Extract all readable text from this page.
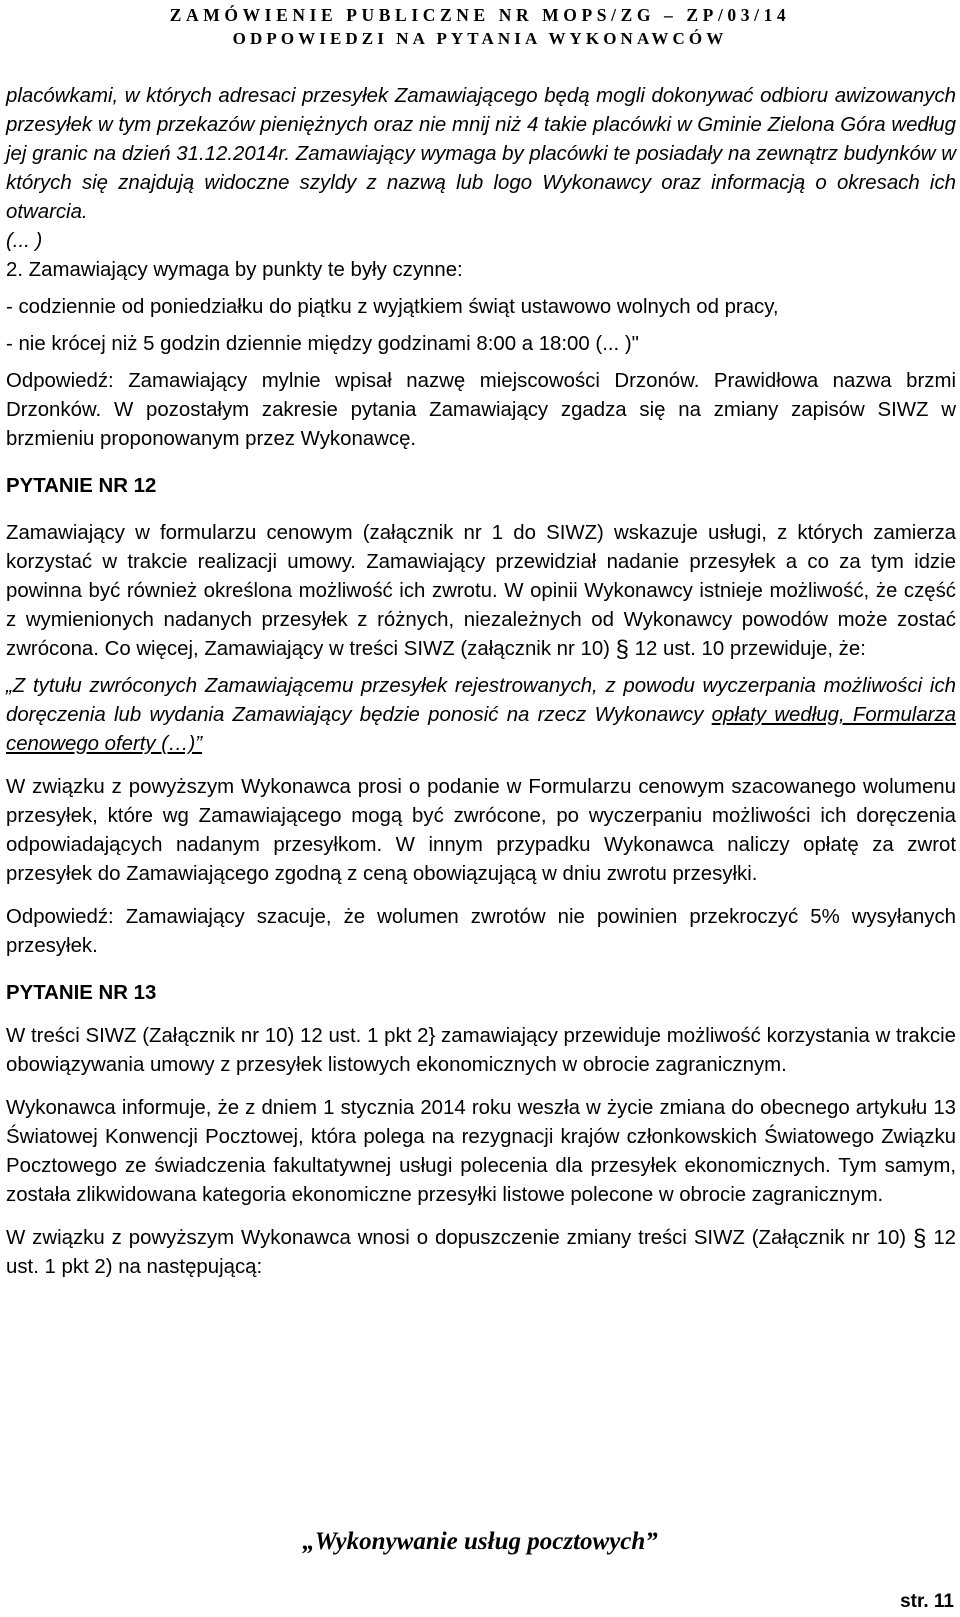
ZAMÓWIENIE PUBLICZNE NR MOPS/ZG – ZP/03/14
ODPOWIEDZI NA PYTANIA WYKONAWCÓW

placówkami, w których adresaci przesyłek Zamawiającego będą mogli dokonywać odbioru awizowanych przesyłek w tym przekazów pieniężnych oraz nie mnij niż 4 takie placówki w Gminie Zielona Góra według jej granic na dzień 31.12.2014r. Zamawiający wymaga by placówki te posiadały na zewnątrz budynków w których się znajdują widoczne szyldy z nazwą lub logo Wykonawcy oraz informacją o okresach ich otwarcia.

(... )

2. Zamawiający wymaga by punkty te były czynne:

- codziennie od poniedziałku do piątku z wyjątkiem świąt ustawowo wolnych od pracy,

- nie krócej niż 5 godzin dziennie między godzinami 8:00 a 18:00 (... )"

Odpowiedź: Zamawiający mylnie wpisał nazwę miejscowości Drzonów. Prawidłowa nazwa brzmi Drzonków. W pozostałym zakresie pytania Zamawiający zgadza się na zmiany zapisów SIWZ w brzmieniu proponowanym przez Wykonawcę.

PYTANIE NR 12

Zamawiający w formularzu cenowym (załącznik nr 1 do SIWZ) wskazuje usługi, z których zamierza korzystać w trakcie realizacji umowy. Zamawiający przewidział nadanie przesyłek a co za tym idzie powinna być również określona możliwość ich zwrotu. W opinii Wykonawcy istnieje możliwość, że część z wymienionych nadanych przesyłek z różnych, niezależnych od Wykonawcy powodów może zostać zwrócona. Co więcej, Zamawiający w treści SIWZ (załącznik nr 10) § 12 ust. 10 przewiduje, że:

„Z tytułu zwróconych Zamawiającemu przesyłek rejestrowanych, z powodu wyczerpania możliwości ich doręczenia lub wydania Zamawiający będzie ponosić na rzecz Wykonawcy opłaty według, Formularza cenowego oferty (…)”

W związku z powyższym Wykonawca prosi o podanie w Formularzu cenowym szacowanego wolumenu przesyłek, które wg Zamawiającego mogą być zwrócone, po wyczerpaniu możliwości ich doręczenia odpowiadających nadanym przesyłkom. W innym przypadku Wykonawca naliczy opłatę za zwrot przesyłek do Zamawiającego zgodną z ceną obowiązującą w dniu zwrotu przesyłki.

Odpowiedź: Zamawiający szacuje, że wolumen zwrotów nie powinien przekroczyć 5% wysyłanych przesyłek.

PYTANIE NR 13

W treści SIWZ (Załącznik nr 10) 12 ust. 1 pkt 2} zamawiający przewiduje możliwość korzystania w trakcie obowiązywania umowy z przesyłek listowych ekonomicznych w obrocie zagranicznym.

Wykonawca informuje, że z dniem 1 stycznia 2014 roku weszła w życie zmiana do obecnego artykułu 13 Światowej Konwencji Pocztowej, która polega na rezygnacji krajów członkowskich Światowego Związku Pocztowego ze świadczenia fakultatywnej usługi polecenia dla przesyłek ekonomicznych. Tym samym, została zlikwidowana kategoria ekonomiczne przesyłki listowe polecone w obrocie zagranicznym.

W związku z powyższym Wykonawca wnosi o dopuszczenie zmiany treści SIWZ (Załącznik nr 10) § 12 ust. 1 pkt 2) na następującą:

„Wykonywanie usług pocztowych”
str. 11
